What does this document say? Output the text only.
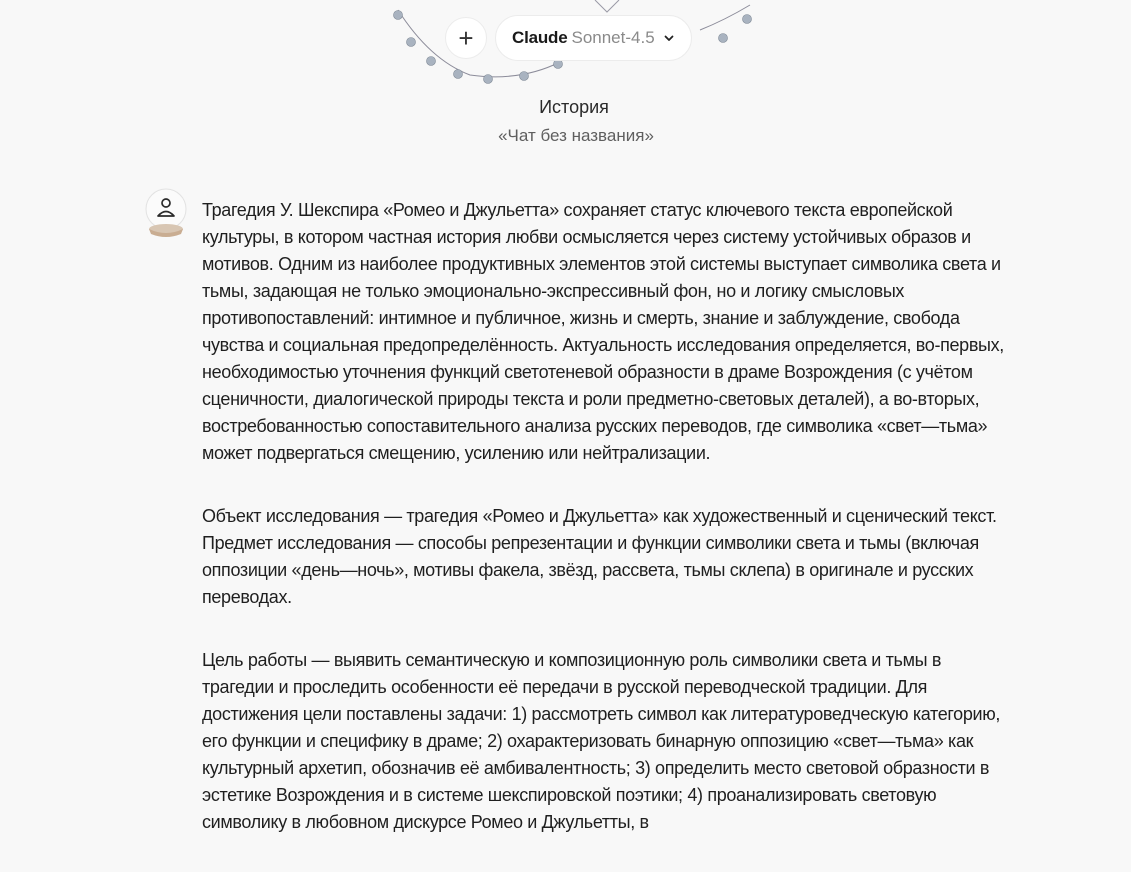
+ Claude Sonnet-4.5
История
«Чат без названия»

Трагедия У. Шекспира «Ромео и Джульетта» сохраняет статус ключевого текста европейской культуры, в котором частная история любви осмысляется через систему устойчивых образов и мотивов. Одним из наиболее продуктивных элементов этой системы выступает символика света и тьмы, задающая не только эмоционально-экспрессивный фон, но и логику смысловых противопоставлений: интимное и публичное, жизнь и смерть, знание и заблуждение, свобода чувства и социальная предопределённость. Актуальность исследования определяется, во-первых, необходимостью уточнения функций светотеневой образности в драме Возрождения (с учётом сценичности, диалогической природы текста и роли предметно-световых деталей), а во-вторых, востребованностью сопоставительного анализа русских переводов, где символика «свет—тьма» может подвергаться смещению, усилению или нейтрализации.

Объект исследования — трагедия «Ромео и Джульетта» как художественный и сценический текст. Предмет исследования — способы репрезентации и функции символики света и тьмы (включая оппозиции «день—ночь», мотивы факела, звёзд, рассвета, тьмы склепа) в оригинале и русских переводах.

Цель работы — выявить семантическую и композиционную роль символики света и тьмы в трагедии и проследить особенности её передачи в русской переводческой традиции. Для достижения цели поставлены задачи: 1) рассмотреть символ как литературоведческую категорию, его функции и специфику в драме; 2) охарактеризовать бинарную оппозицию «свет—тьма» как культурный архетип, обозначив её амбивалентность; 3) определить место световой образности в эстетике Возрождения и в системе шекспировской поэтики; 4) проанализировать световую символику в любовном дискурсе Ромео и Джульетты, в
